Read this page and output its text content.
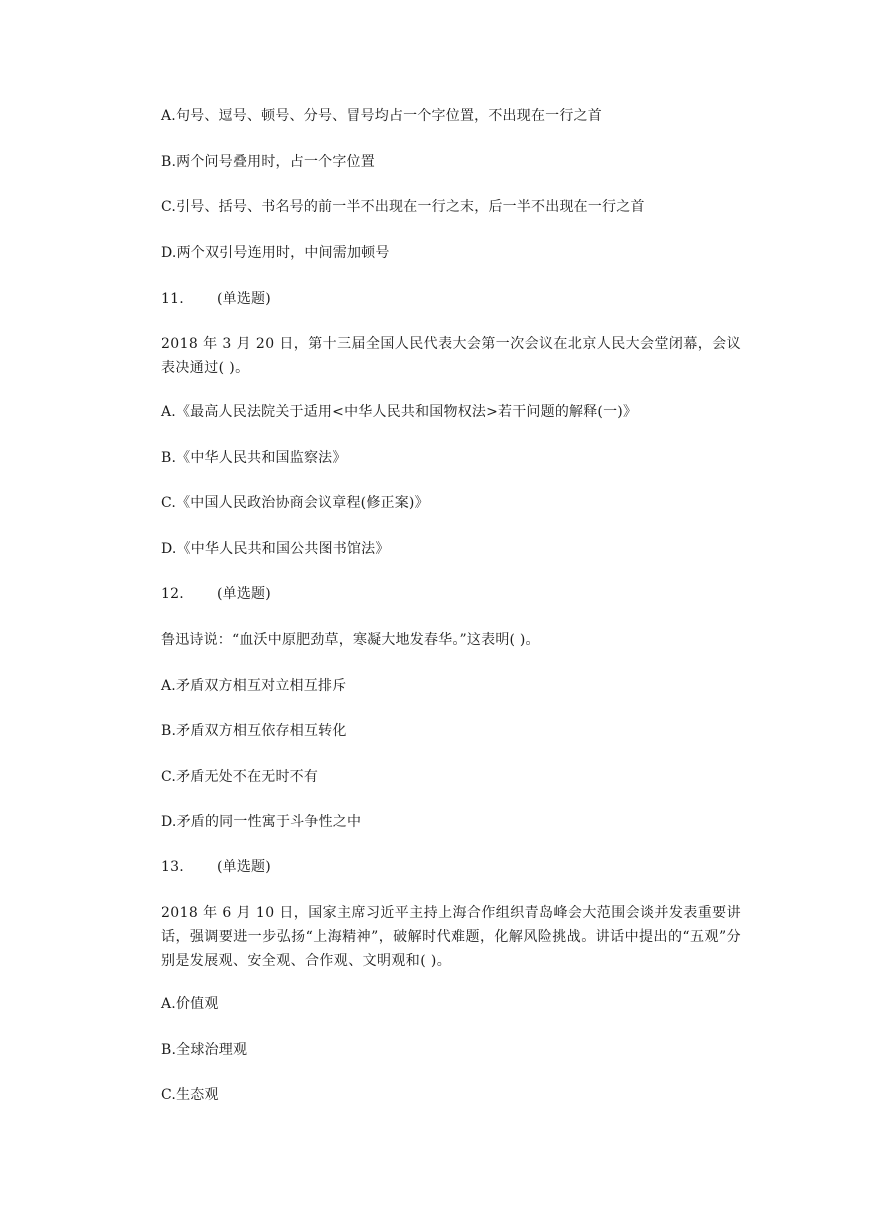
A.句号、逗号、顿号、分号、冒号均占一个字位置，不出现在一行之首
B.两个问号叠用时，占一个字位置
C.引号、括号、书名号的前一半不出现在一行之末，后一半不出现在一行之首
D.两个双引号连用时，中间需加顿号
11. (单选题)
2018 年 3 月 20 日，第十三届全国人民代表大会第一次会议在北京人民大会堂闭幕，会议表决通过( )。
A.《最高人民法院关于适用<中华人民共和国物权法>若干问题的解释(一)》
B.《中华人民共和国监察法》
C.《中国人民政治协商会议章程(修正案)》
D.《中华人民共和国公共图书馆法》
12. (单选题)
鲁迅诗说：“血沃中原肥劲草，寒凝大地发春华。”这表明( )。
A.矛盾双方相互对立相互排斥
B.矛盾双方相互依存相互转化
C.矛盾无处不在无时不有
D.矛盾的同一性寓于斗争性之中
13. (单选题)
2018 年 6 月 10 日，国家主席习近平主持上海合作组织青岛峰会大范围会谈并发表重要讲话，强调要进一步弘扬“上海精神”，破解时代难题，化解风险挑战。讲话中提出的“五观”分别是发展观、安全观、合作观、文明观和( )。
A.价值观
B.全球治理观
C.生态观
